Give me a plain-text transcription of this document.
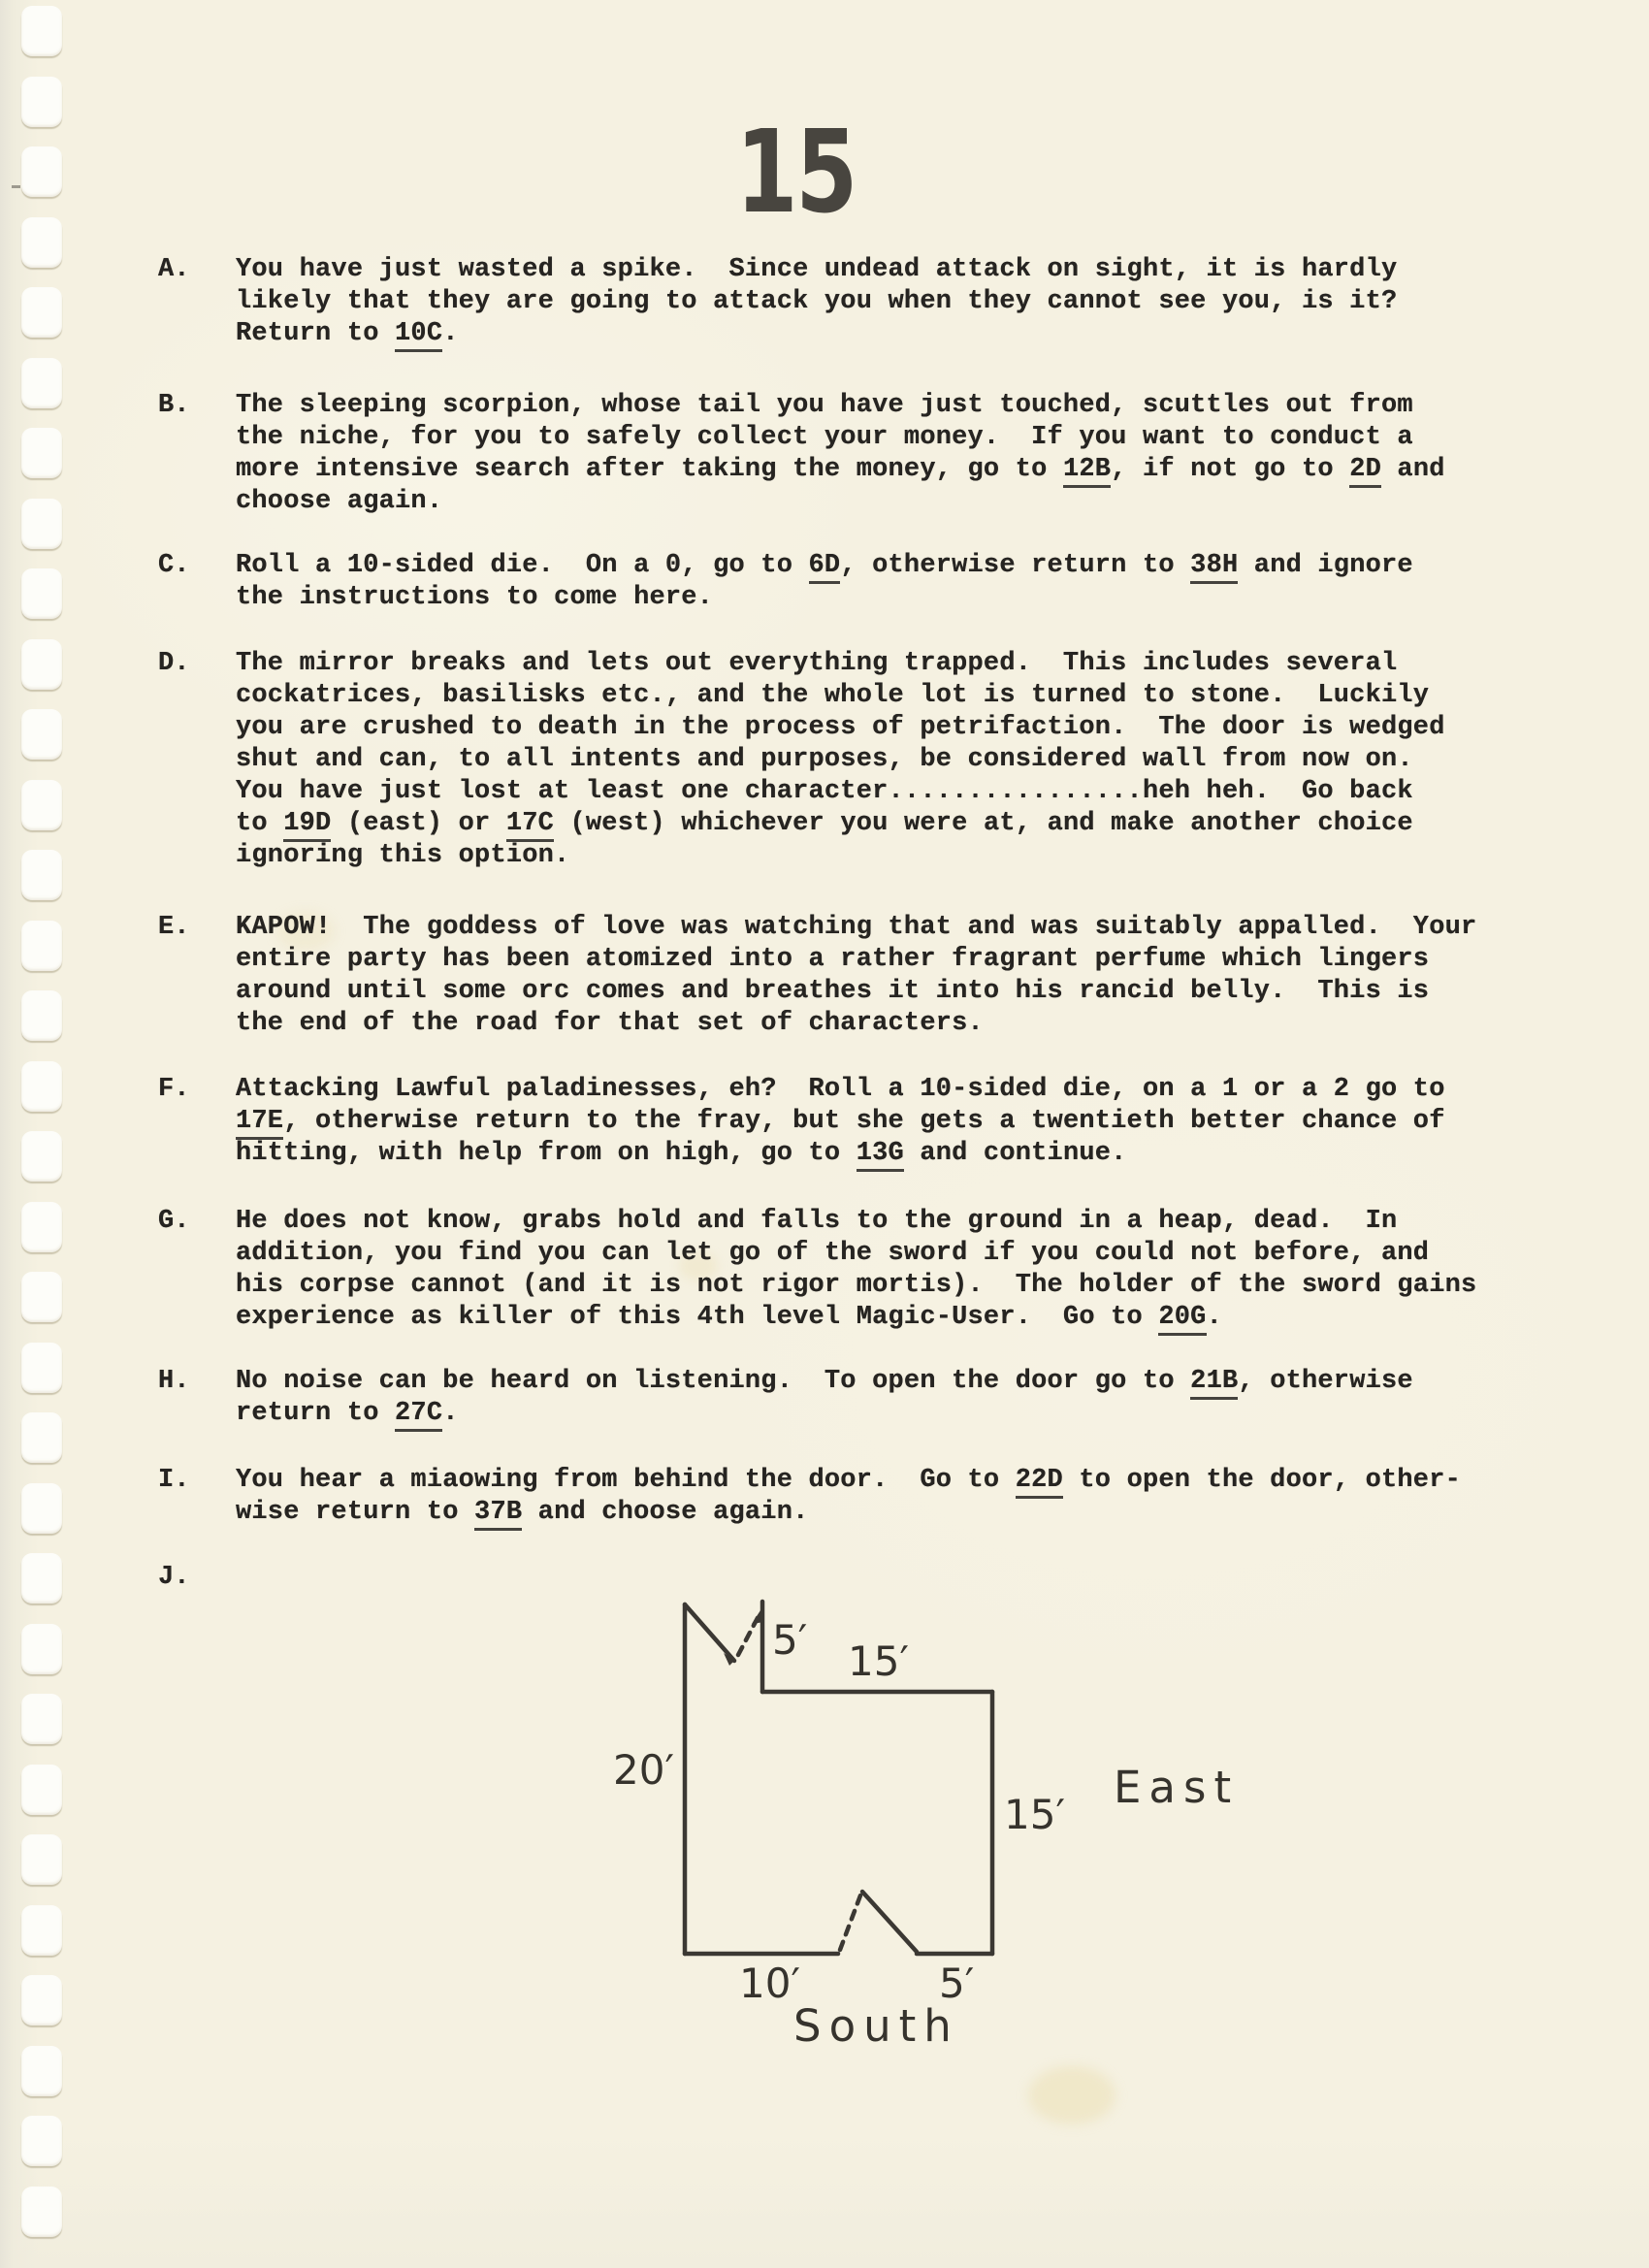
15
A. You have just wasted a spike.  Since undead attack on sight, it is hardly
likely that they are going to attack you when they cannot see you, is it?
Return to 10C.
B. The sleeping scorpion, whose tail you have just touched, scuttles out from
the niche, for you to safely collect your money.  If you want to conduct a
more intensive search after taking the money, go to 12B, if not go to 2D and
choose again.
C. Roll a 10-sided die.  On a 0, go to 6D, otherwise return to 38H and ignore
the instructions to come here.
D. The mirror breaks and lets out everything trapped.  This includes several
cockatrices, basilisks etc., and the whole lot is turned to stone.  Luckily
you are crushed to death in the process of petrifaction.  The door is wedged
shut and can, to all intents and purposes, be considered wall from now on.
You have just lost at least one character................heh heh.  Go back
to 19D (east) or 17C (west) whichever you were at, and make another choice
ignoring this option.
E. KAPOW!  The goddess of love was watching that and was suitably appalled.  Your
entire party has been atomized into a rather fragrant perfume which lingers
around until some orc comes and breathes it into his rancid belly.  This is
the end of the road for that set of characters.
F. Attacking Lawful paladinesses, eh?  Roll a 10-sided die, on a 1 or a 2 go to
17E, otherwise return to the fray, but she gets a twentieth better chance of
hitting, with help from on high, go to 13G and continue.
G. He does not know, grabs hold and falls to the ground in a heap, dead.  In
addition, you find you can let go of the sword if you could not before, and
his corpse cannot (and it is not rigor mortis).  The holder of the sword gains
experience as killer of this 4th level Magic-User.  Go to 20G.
H. No noise can be heard on listening.  To open the door go to 21B, otherwise
return to 27C.
I. You hear a miaowing from behind the door.  Go to 22D to open the door, other-
wise return to 37B and choose again.
J.
5′ 15′
20′
15′
East
10′	5′
South
